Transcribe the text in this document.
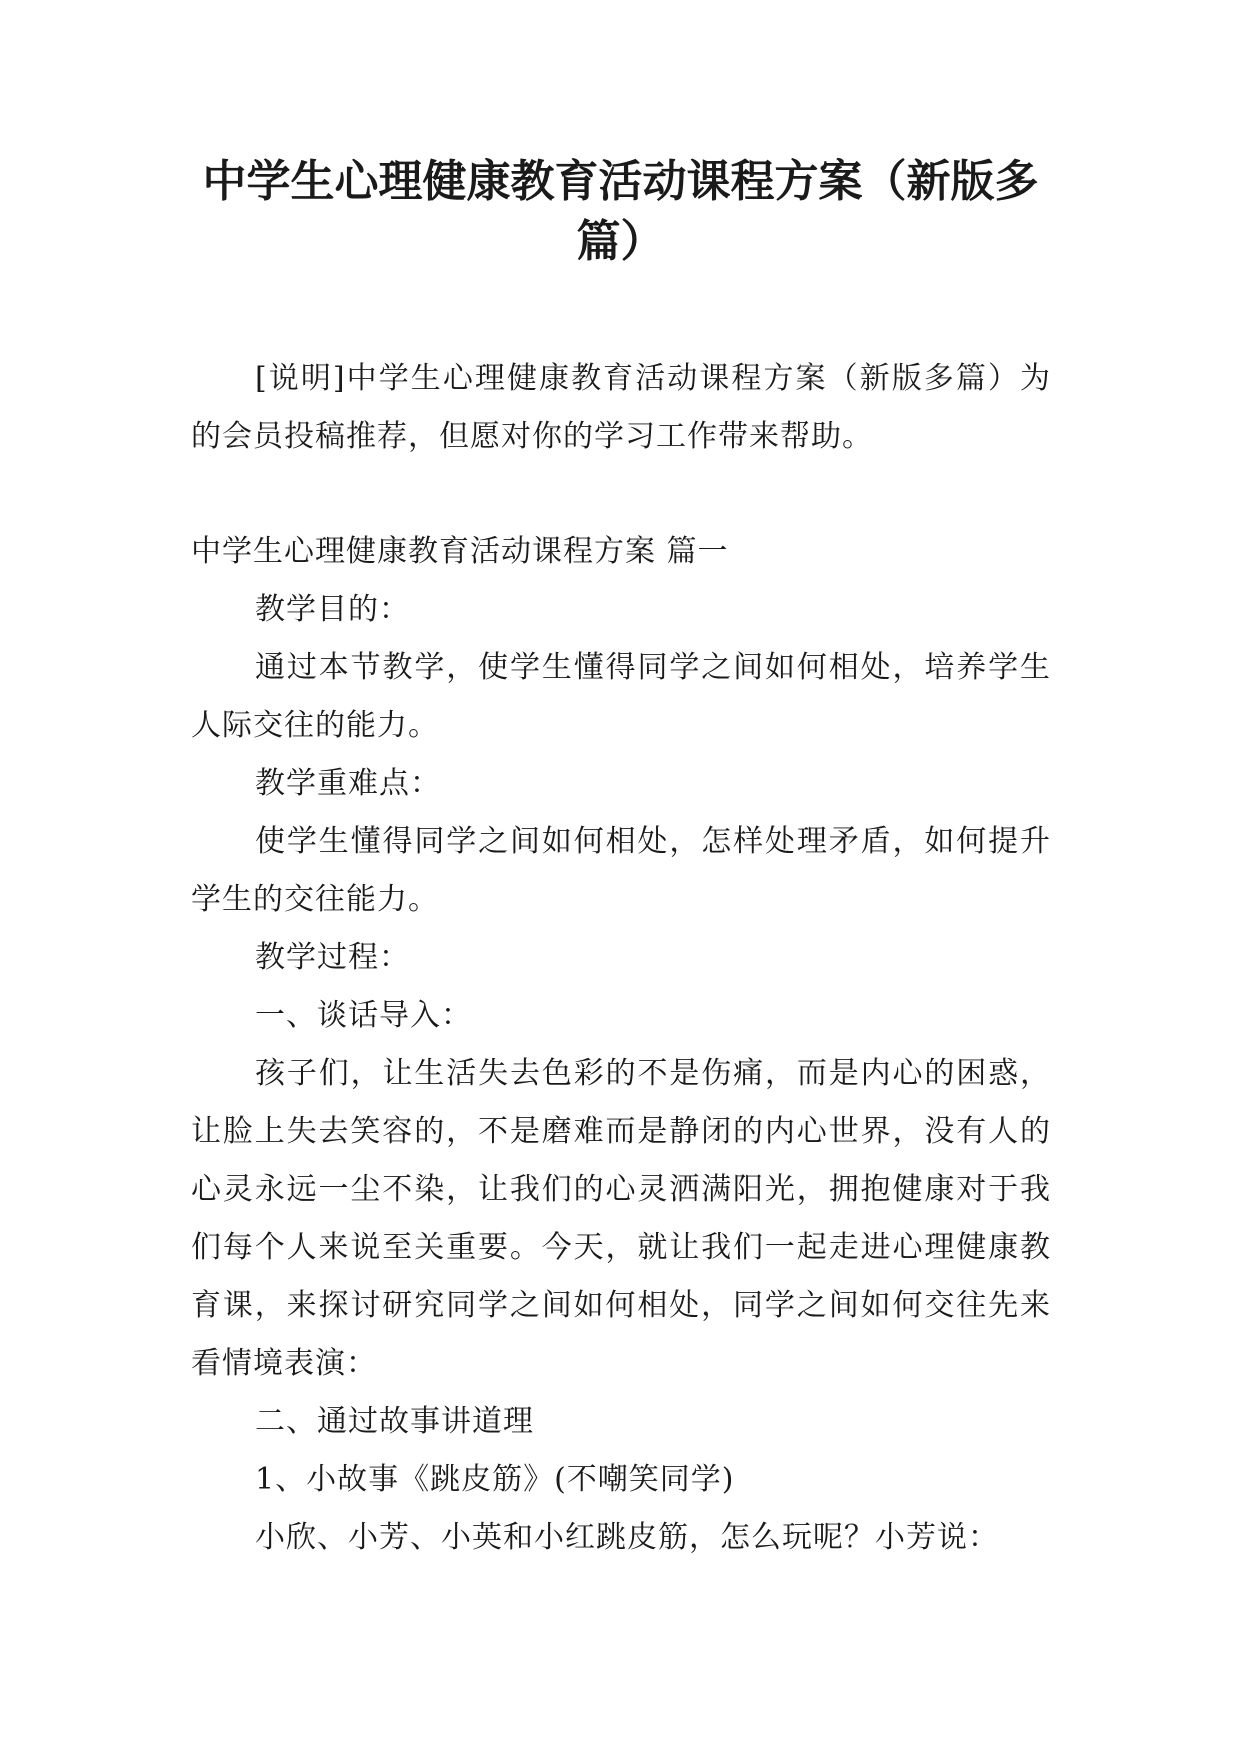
中学生心理健康教育活动课程方案（新版多
篇）

[说明]中学生心理健康教育活动课程方案（新版多篇）为的会员投稿推荐，但愿对你的学习工作带来帮助。

中学生心理健康教育活动课程方案 篇一

教学目的：

通过本节教学，使学生懂得同学之间如何相处，培养学生人际交往的能力。

教学重难点：

使学生懂得同学之间如何相处，怎样处理矛盾，如何提升学生的交往能力。

教学过程：

一、谈话导入：

孩子们，让生活失去色彩的不是伤痛，而是内心的困惑，让脸上失去笑容的，不是磨难而是静闭的内心世界，没有人的心灵永远一尘不染，让我们的心灵洒满阳光，拥抱健康对于我们每个人来说至关重要。今天，就让我们一起走进心理健康教育课，来探讨研究同学之间如何相处，同学之间如何交往先来看情境表演：

二、通过故事讲道理

1、小故事《跳皮筋》(不嘲笑同学)

小欣、小芳、小英和小红跳皮筋，怎么玩呢？小芳说：
